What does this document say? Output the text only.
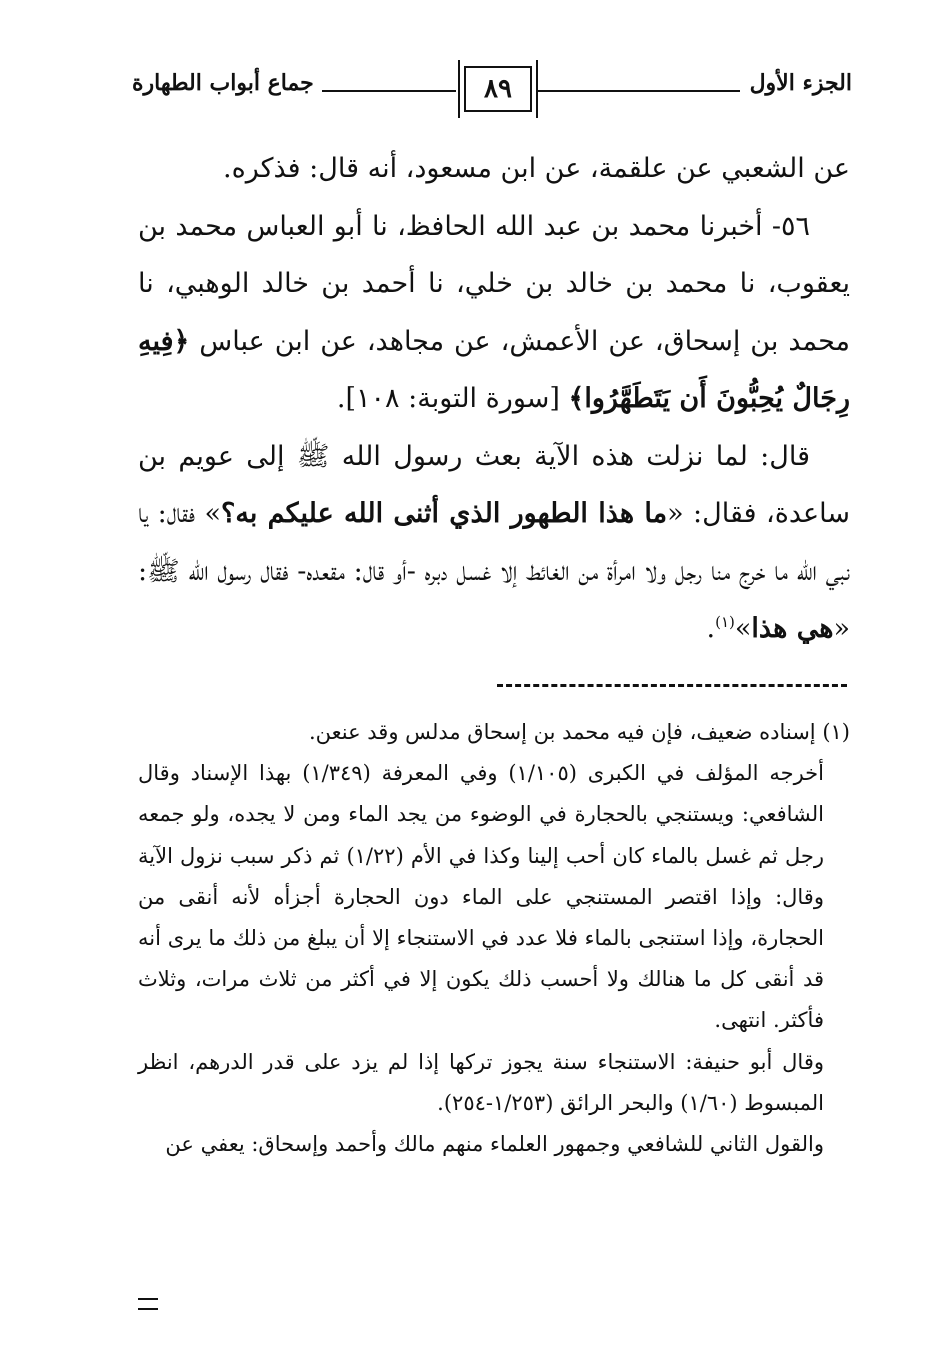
الجزء الأول
٨٩
جماع أبواب الطهارة

عن الشعبي عن علقمة، عن ابن مسعود، أنه قال: فذكره.

٥٦- أخبرنا محمد بن عبد الله الحافظ، نا أبو العباس محمد بن يعقوب، نا محمد بن خالد بن خلي، نا أحمد بن خالد الوهبي، نا محمد بن إسحاق، عن الأعمش، عن مجاهد، عن ابن عباس ﴿فِيهِ رِجَالٌ يُحِبُّونَ أَن يَتَطَهَّرُوا﴾ [سورة التوبة: ١٠٨].

قال: لما نزلت هذه الآية بعث رسول الله ﷺ إلى عويم بن ساعدة، فقال: «ما هذا الطهور الذي أثنى الله عليكم به؟» فقال: يا نبي الله ما خرج منا رجل ولا امرأة من الغائط إلا غسل دبره -أو قال: مقعده- فقال رسول الله ﷺ: «هي هذا»$^{(١)}$.

(١) إسناده ضعيف، فإن فيه محمد بن إسحاق مدلس وقد عنعن.

أخرجه المؤلف في الكبرى (١/١٠٥) وفي المعرفة (١/٣٤٩) بهذا الإسناد وقال الشافعي: ويستنجي بالحجارة في الوضوء من يجد الماء ومن لا يجده، ولو جمعه رجل ثم غسل بالماء كان أحب إلينا وكذا في الأم (١/٢٢) ثم ذكر سبب نزول الآية وقال: وإذا اقتصر المستنجي على الماء دون الحجارة أجزأه لأنه أنقى من الحجارة، وإذا استنجى بالماء فلا عدد في الاستنجاء إلا أن يبلغ من ذلك ما يرى أنه قد أنقى كل ما هنالك ولا أحسب ذلك يكون إلا في أكثر من ثلاث مرات، وثلاث فأكثر. انتهى.

وقال أبو حنيفة: الاستنجاء سنة يجوز تركها إذا لم يزد على قدر الدرهم، انظر المبسوط (١/٦٠) والبحر الرائق (١/٢٥٣-٢٥٤).

والقول الثاني للشافعي وجمهور العلماء منهم مالك وأحمد وإسحاق: يعفي عن
